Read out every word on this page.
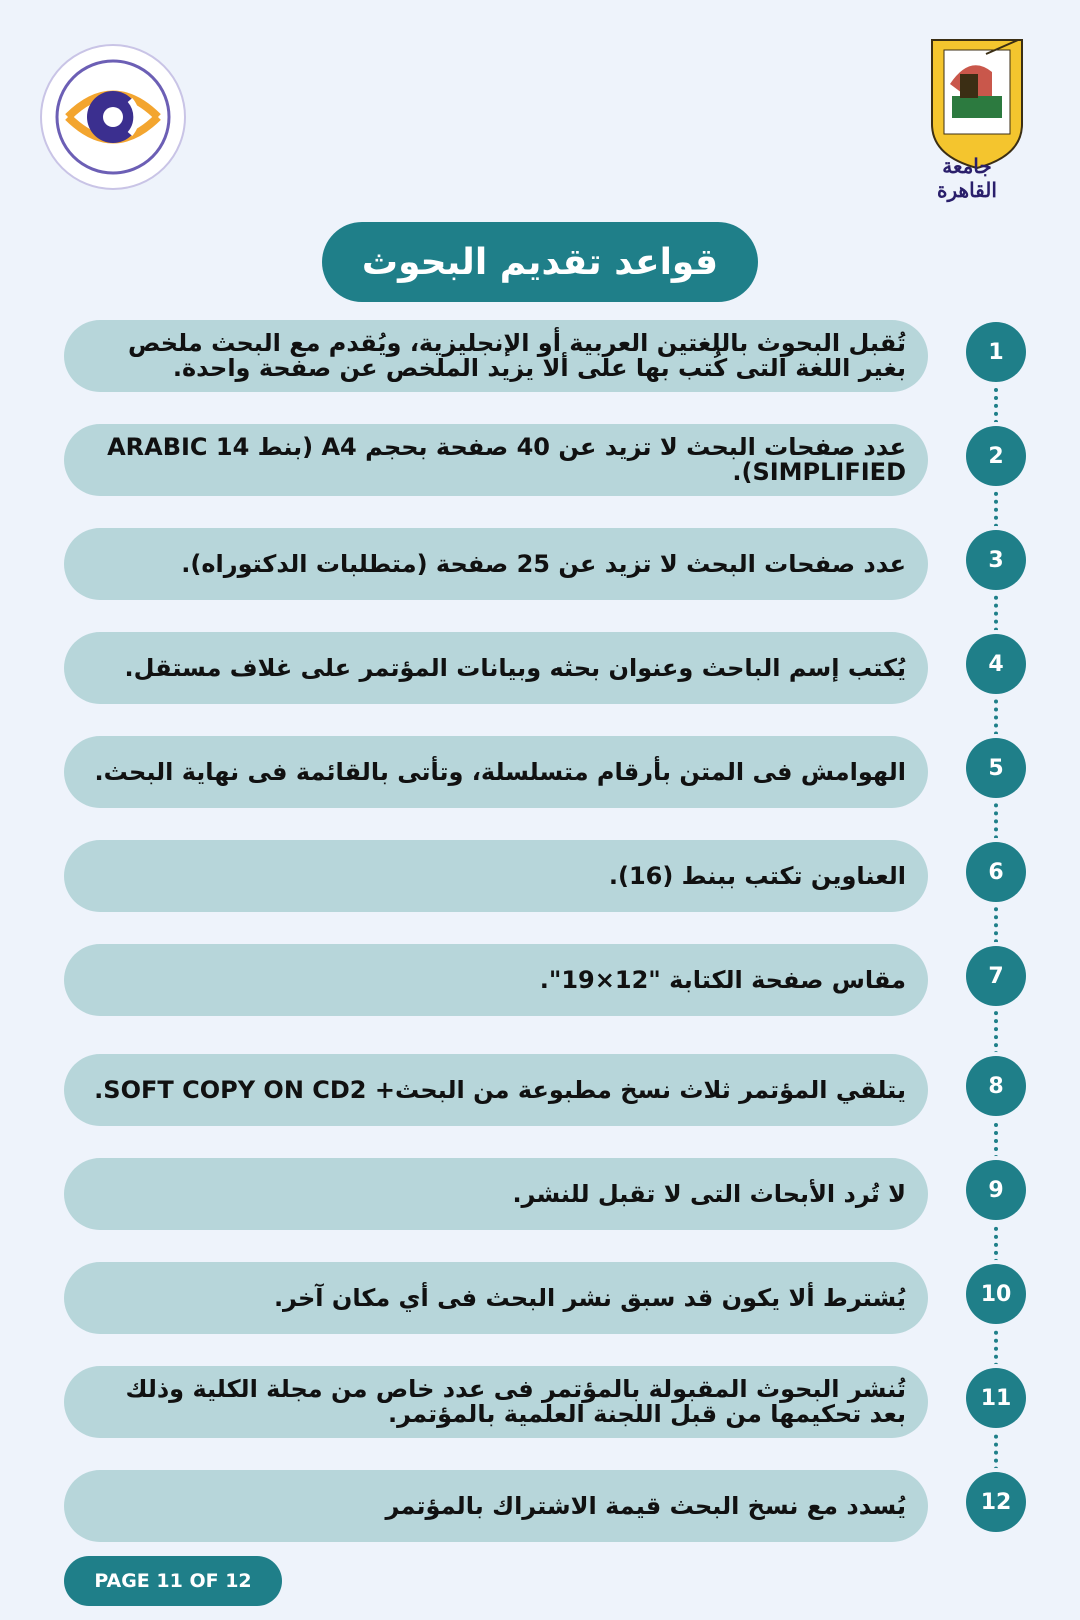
جامعة القاهرة
قواعد تقديم البحوث
تُقبل البحوث باللغتين العربية أو الإنجليزية، ويُقدم مع البحث ملخص بغير اللغة التى كُتب بها على ألا يزيد الملخص عن صفحة واحدة.
1
عدد صفحات البحث لا تزيد عن 40 صفحة بحجم A4 (بنط 14 ARABIC SIMPLIFIED).
2
عدد صفحات البحث لا تزيد عن 25 صفحة (متطلبات الدكتوراه).	3
يُكتب إسم الباحث وعنوان بحثه وبيانات المؤتمر على غلاف مستقل.	4
الهوامش فى المتن بأرقام متسلسلة، وتأتى بالقائمة فى نهاية البحث.	5
العناوين تكتب ببنط (16).	6
مقاس صفحة الكتابة "12×19".	7
يتلقي المؤتمر ثلاث نسخ مطبوعة من البحث+ SOFT COPY ON CD2.	8
لا تُرد الأبحاث التى لا تقبل للنشر.	9
يُشترط ألا يكون قد سبق نشر البحث فى أي مكان آخر.	10
تُنشر البحوث المقبولة بالمؤتمر فى عدد خاص من مجلة الكلية وذلك بعد تحكيمها من قبل اللجنة العلمية بالمؤتمر.
11
يُسدد مع نسخ البحث قيمة الاشتراك بالمؤتمر	12
PAGE 11 OF 12
